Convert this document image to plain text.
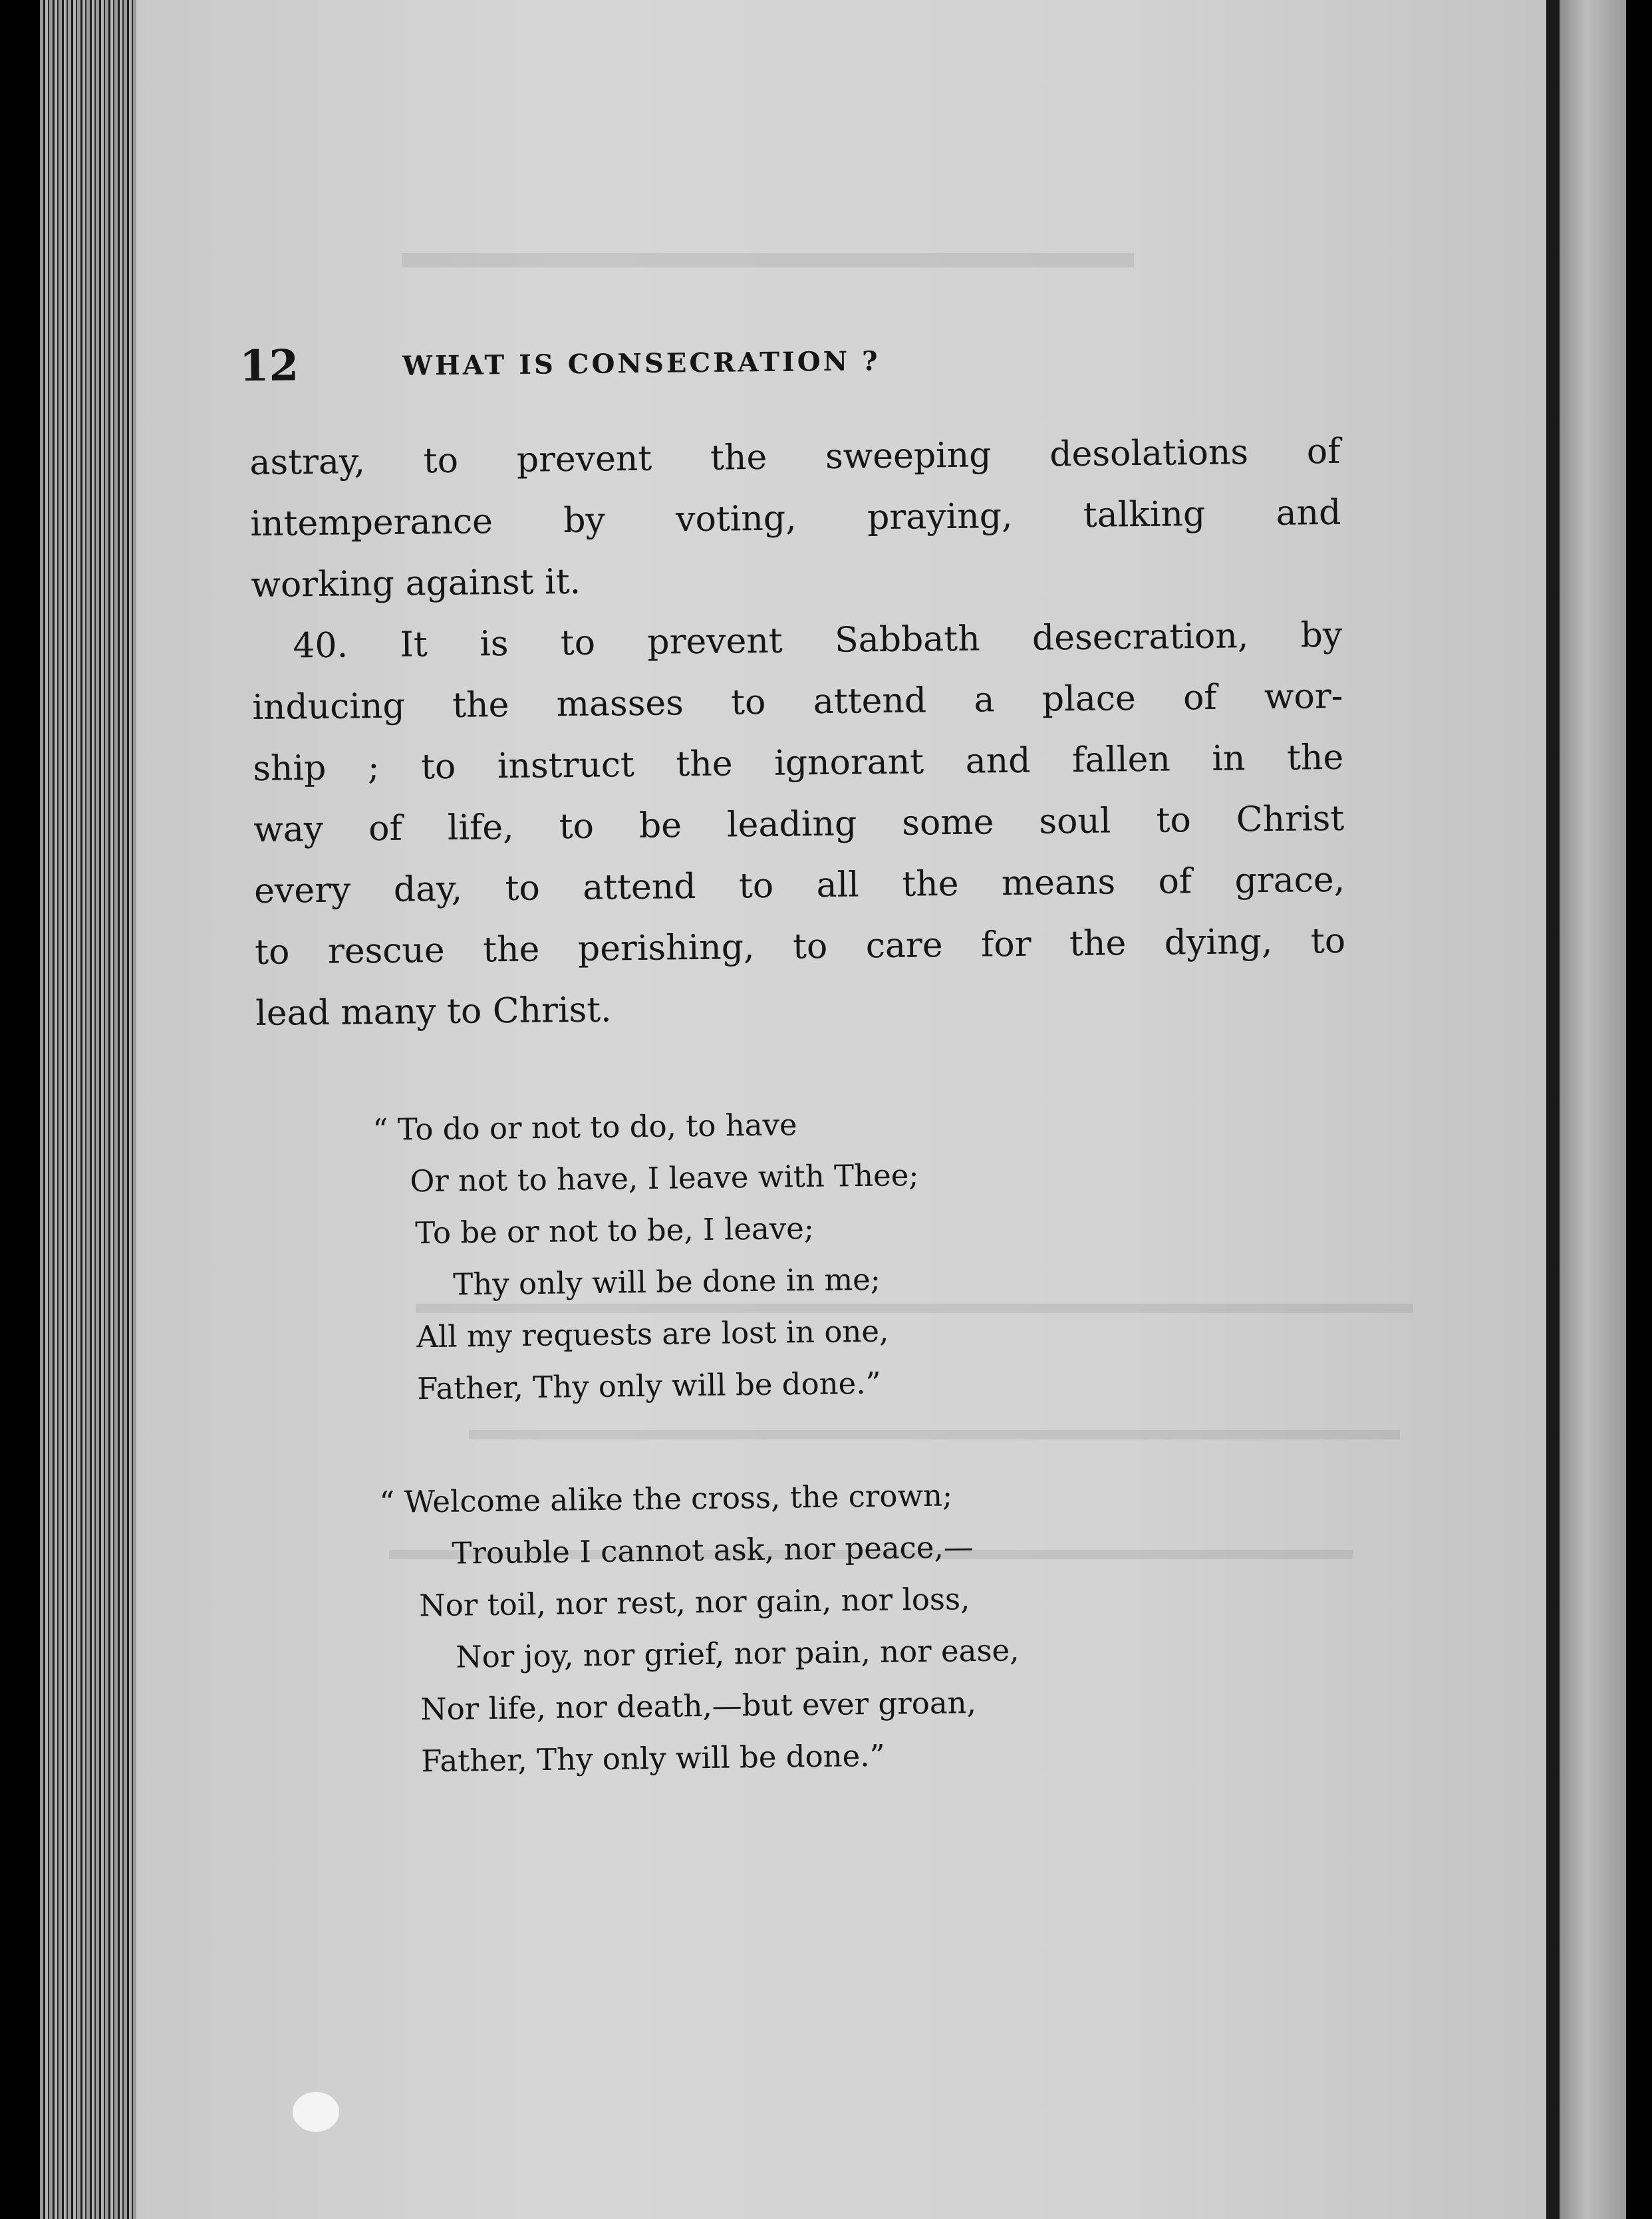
12	WHAT IS CONSECRATION ?
astray, to prevent the sweeping desolations of
intemperance by voting, praying, talking and
working against it.
40. It is to prevent Sabbath desecration, by
inducing the masses to attend a place of wor-
ship ; to instruct the ignorant and fallen in the
way of life, to be leading some soul to Christ
every day, to attend to all the means of grace,
to rescue the perishing, to care for the dying, to
lead many to Christ.
“ To do or not to do, to have
Or not to have, I leave with Thee;
To be or not to be, I leave;
Thy only will be done in me;
All my requests are lost in one,
Father, Thy only will be done.”
“ Welcome alike the cross, the crown;
Trouble I cannot ask, nor peace,—
Nor toil, nor rest, nor gain, nor loss,
Nor joy, nor grief, nor pain, nor ease,
Nor life, nor death,—but ever groan,
Father, Thy only will be done.”
